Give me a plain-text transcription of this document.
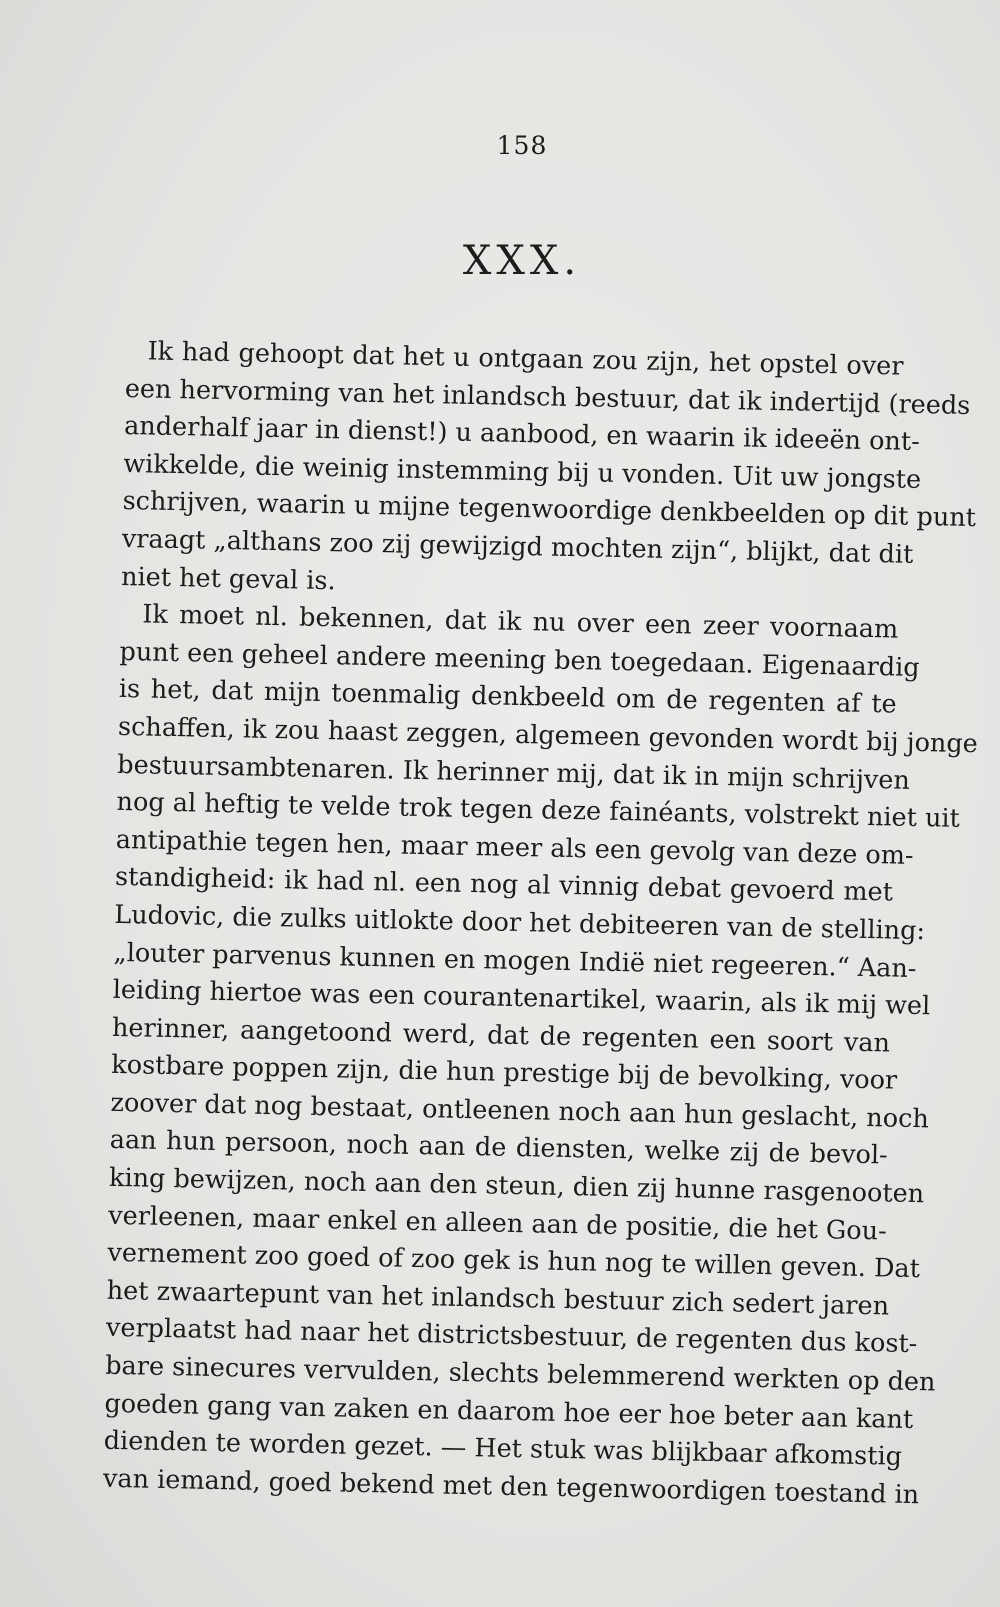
158
XXX.
Ik had gehoopt dat het u ontgaan zou zijn, het opstel over
een hervorming van het inlandsch bestuur, dat ik indertijd (reeds
anderhalf jaar in dienst!) u aanbood, en waarin ik ideeën ont-
wikkelde, die weinig instemming bij u vonden. Uit uw jongste
schrijven, waarin u mijne tegenwoordige denkbeelden op dit punt
vraagt „althans zoo zij gewijzigd mochten zijn“, blijkt, dat dit
niet het geval is.
Ik moet nl. bekennen, dat ik nu over een zeer voornaam
punt een geheel andere meening ben toegedaan. Eigenaardig
is het, dat mijn toenmalig denkbeeld om de regenten af te
schaffen, ik zou haast zeggen, algemeen gevonden wordt bij jonge
bestuursambtenaren. Ik herinner mij, dat ik in mijn schrijven
nog al heftig te velde trok tegen deze fainéants, volstrekt niet uit
antipathie tegen hen, maar meer als een gevolg van deze om-
standigheid: ik had nl. een nog al vinnig debat gevoerd met
Ludovic, die zulks uitlokte door het debiteeren van de stelling:
„louter parvenus kunnen en mogen Indië niet regeeren.“ Aan-
leiding hiertoe was een courantenartikel, waarin, als ik mij wel
herinner, aangetoond werd, dat de regenten een soort van
kostbare poppen zijn, die hun prestige bij de bevolking, voor
zoover dat nog bestaat, ontleenen noch aan hun geslacht, noch
aan hun persoon, noch aan de diensten, welke zij de bevol-
king bewijzen, noch aan den steun, dien zij hunne rasgenooten
verleenen, maar enkel en alleen aan de positie, die het Gou-
vernement zoo goed of zoo gek is hun nog te willen geven. Dat
het zwaartepunt van het inlandsch bestuur zich sedert jaren
verplaatst had naar het districtsbestuur, de regenten dus kost-
bare sinecures vervulden, slechts belemmerend werkten op den
goeden gang van zaken en daarom hoe eer hoe beter aan kant
dienden te worden gezet. — Het stuk was blijkbaar afkomstig
van iemand, goed bekend met den tegenwoordigen toestand in
